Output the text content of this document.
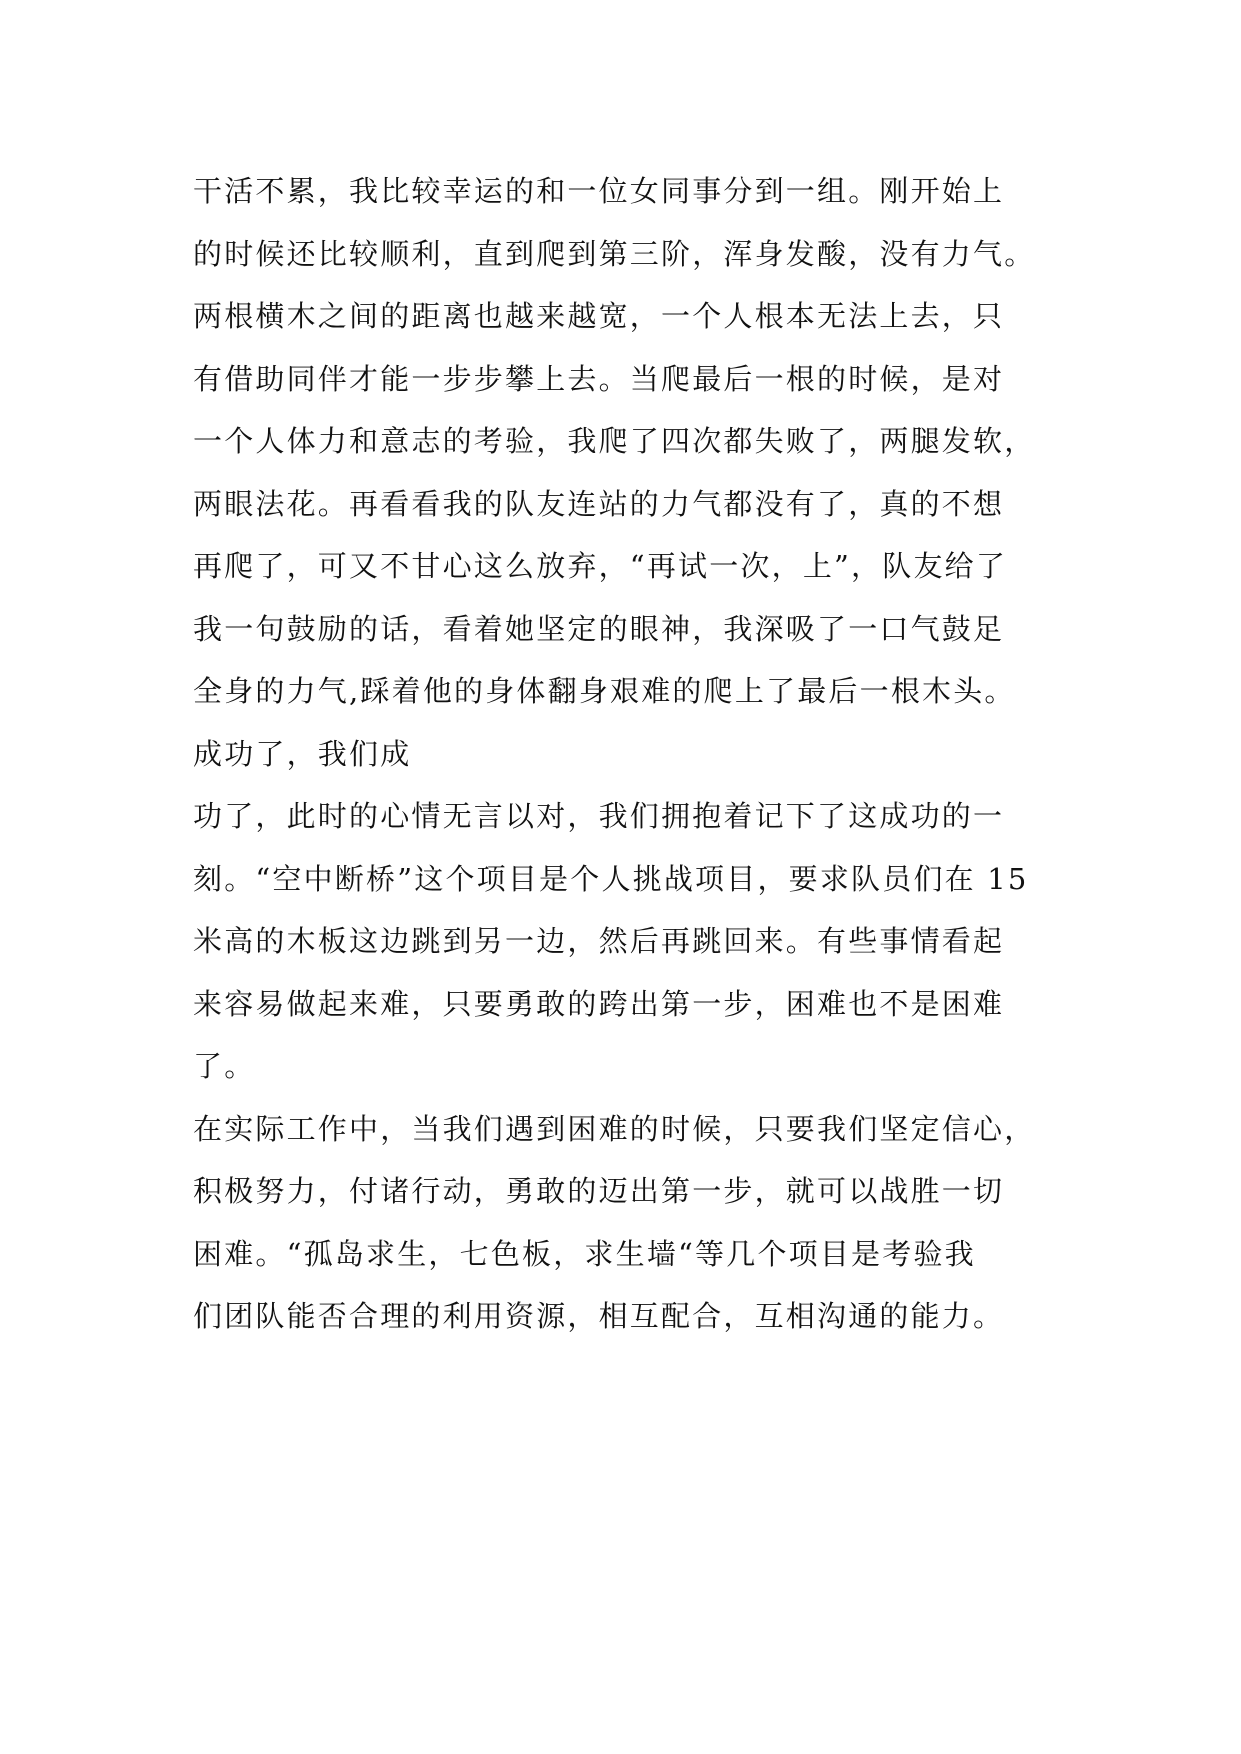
干活不累，我比较幸运的和一位女同事分到一组。刚开始上
的时候还比较顺利，直到爬到第三阶，浑身发酸，没有力气。
两根横木之间的距离也越来越宽，一个人根本无法上去，只
有借助同伴才能一步步攀上去。当爬最后一根的时候，是对
一个人体力和意志的考验，我爬了四次都失败了，两腿发软，
两眼法花。再看看我的队友连站的力气都没有了，真的不想
再爬了，可又不甘心这么放弃，“再试一次，上”，队友给了
我一句鼓励的话，看着她坚定的眼神，我深吸了一口气鼓足
全身的力气,踩着他的身体翻身艰难的爬上了最后一根木头。
成功了，我们成
功了，此时的心情无言以对，我们拥抱着记下了这成功的一
刻。“空中断桥”这个项目是个人挑战项目，要求队员们在 15
米高的木板这边跳到另一边，然后再跳回来。有些事情看起
来容易做起来难，只要勇敢的跨出第一步，困难也不是困难
了。
在实际工作中，当我们遇到困难的时候，只要我们坚定信心，
积极努力，付诸行动，勇敢的迈出第一步，就可以战胜一切
困难。“孤岛求生，七色板，求生墙“等几个项目是考验我
们团队能否合理的利用资源，相互配合，互相沟通的能力。
